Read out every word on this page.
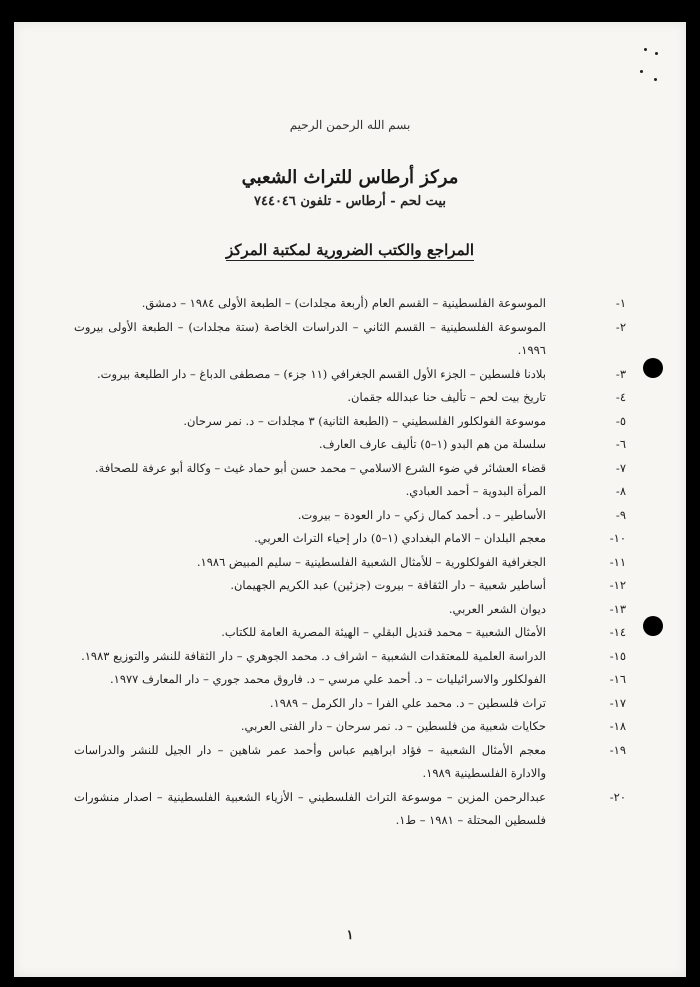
بسم الله الرحمن الرحيم
مركز أرطاس للتراث الشعبي
بيت لحم - أرطاس - تلفون ٧٤٤٠٤٦
المراجع والكتب الضرورية لمكتبة المركز
١-
الموسوعة الفلسطينية – القسم العام (أربعة مجلدات) – الطبعة الأولى ١٩٨٤ – دمشق.
٢-
الموسوعة الفلسطينية – القسم الثاني – الدراسات الخاصة (ستة مجلدات) – الطبعة الأولى بيروت ١٩٩٦.
٣-
بلادنا فلسطين – الجزء الأول القسم الجغرافي (١١ جزء) – مصطفى الدباغ – دار الطليعة بيروت.
٤-
تاريخ بيت لحم – تأليف حنا عبدالله جقمان.
٥-
موسوعة الفولكلور الفلسطيني – (الطبعة الثانية) ٣ مجلدات – د. نمر سرحان.
٦-
سلسلة من هم البدو (١–٥) تأليف عارف العارف.
٧-
قضاء العشائر في ضوء الشرع الاسلامي – محمد حسن أبو حماد غيث – وكالة أبو عرفة للصحافة.
٨-
المرأة البدوية – أحمد العبادي.
٩-
الأساطير – د. أحمد كمال زكي – دار العودة – بيروت.
١٠-
معجم البلدان – الامام البغدادي (١–٥) دار إحياء التراث العربي.
١١-
الجغرافية الفولكلورية – للأمثال الشعبية الفلسطينية – سليم المبيض ١٩٨٦.
١٢-
أساطير شعبية – دار الثقافة – بيروت (جزئين) عبد الكريم الجهيمان.
١٣-
ديوان الشعر العربي.
١٤-
الأمثال الشعبية – محمد قنديل البقلي – الهيئة المصرية العامة للكتاب.
١٥-
الدراسة العلمية للمعتقدات الشعبية – اشراف د. محمد الجوهري – دار الثقافة للنشر والتوزيع ١٩٨٣.
١٦-
الفولكلور والاسرائيليات – د. أحمد علي مرسي – د. فاروق محمد جوري – دار المعارف ١٩٧٧.
١٧-
تراث فلسطين – د. محمد علي الفرا – دار الكرمل – ١٩٨٩.
١٨-
حكايات شعبية من فلسطين – د. نمر سرحان – دار الفتى العربي.
١٩-
معجم الأمثال الشعبية – فؤاد ابراهيم عباس وأحمد عمر شاهين – دار الجيل للنشر والدراسات والادارة الفلسطينية ١٩٨٩.
٢٠-
عبدالرحمن المزين – موسوعة التراث الفلسطيني – الأزياء الشعبية الفلسطينية – اصدار منشورات فلسطين المحتلة – ١٩٨١ – ط١.
١
